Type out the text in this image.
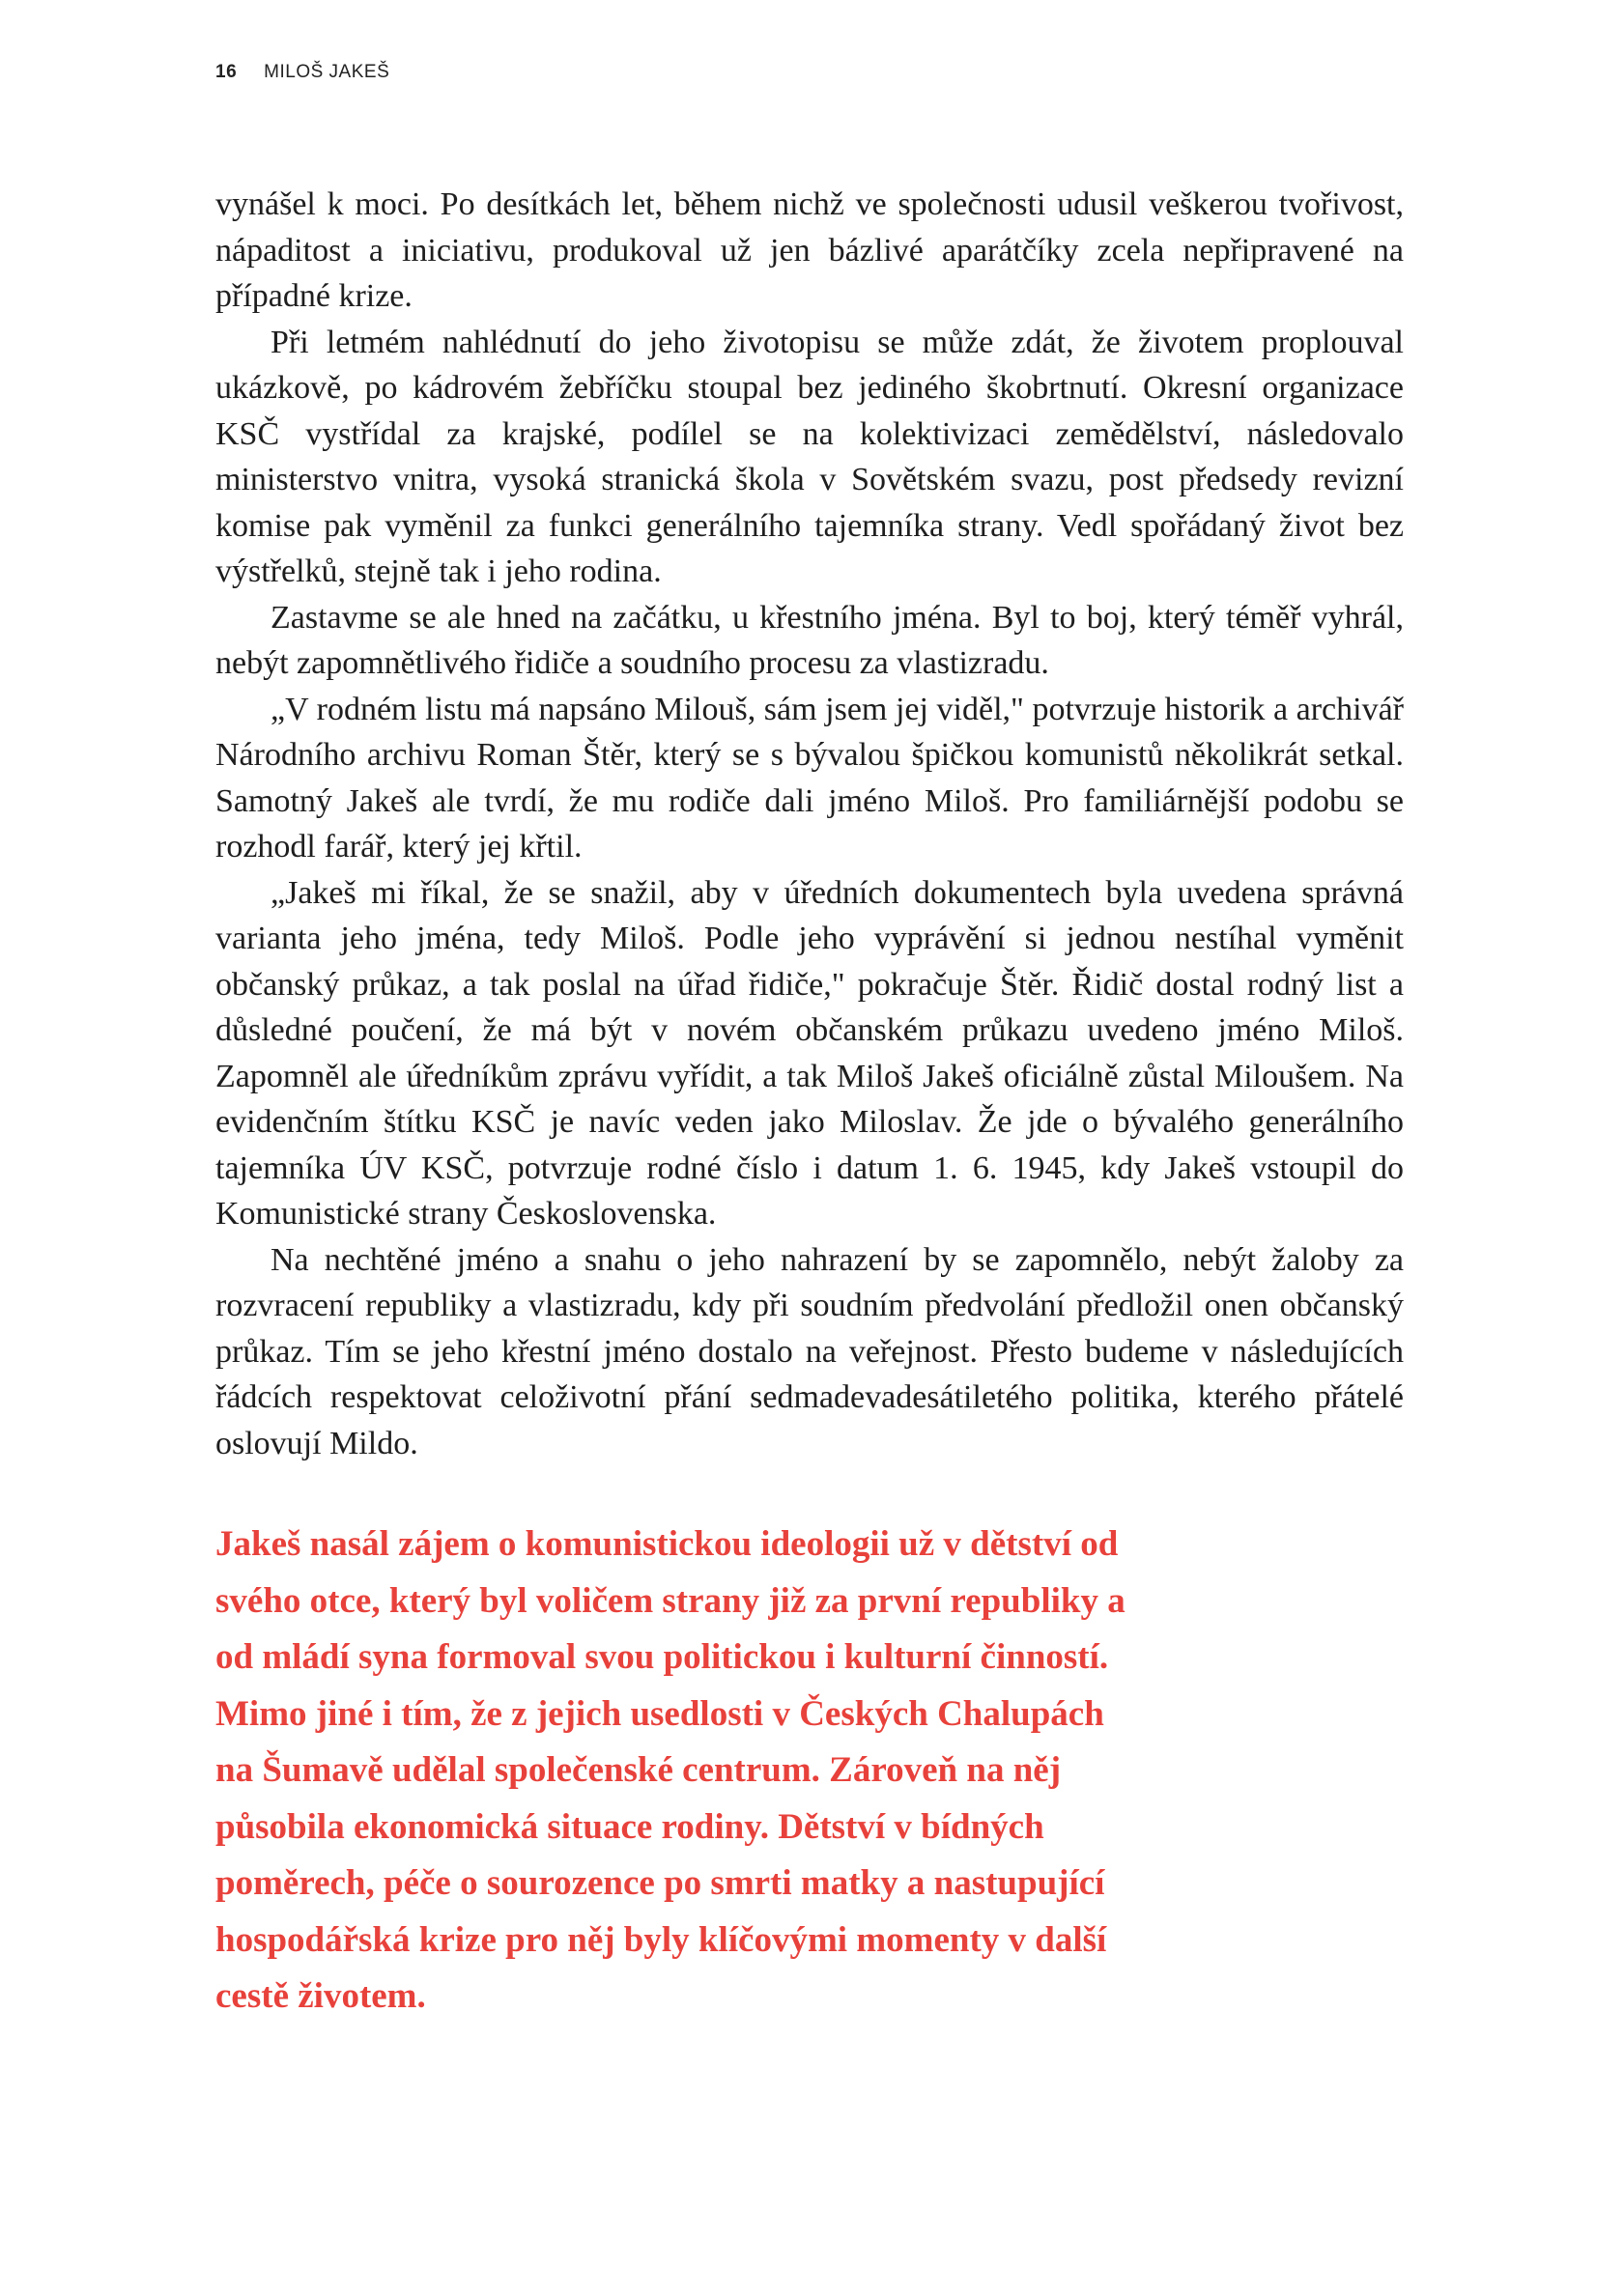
16 MILOŠ JAKEŠ

vynášel k moci. Po desítkách let, během nichž ve společnosti udusil veškerou tvořivost, nápaditost a iniciativu, produkoval už jen bázlivé aparátčíky zcela nepřipravené na případné krize.

Při letmém nahlédnutí do jeho životopisu se může zdát, že životem proplouval ukázkově, po kádrovém žebříčku stoupal bez jediného škobrtnutí. Okresní organizace KSČ vystřídal za krajské, podílel se na kolektivizaci zemědělství, následovalo ministerstvo vnitra, vysoká stranická škola v Sovětském svazu, post předsedy revizní komise pak vyměnil za funkci generálního tajemníka strany. Vedl spořádaný život bez výstřelků, stejně tak i jeho rodina.

Zastavme se ale hned na začátku, u křestního jména. Byl to boj, který téměř vyhrál, nebýt zapomnětlivého řidiče a soudního procesu za vlastizradu.

„V rodném listu má napsáno Milouš, sám jsem jej viděl," potvrzuje historik a archivář Národního archivu Roman Štěr, který se s bývalou špičkou komunistů několikrát setkal. Samotný Jakeš ale tvrdí, že mu rodiče dali jméno Miloš. Pro familiárnější podobu se rozhodl farář, který jej křtil.

„Jakeš mi říkal, že se snažil, aby v úředních dokumentech byla uvedena správná varianta jeho jména, tedy Miloš. Podle jeho vyprávění si jednou nestíhal vyměnit občanský průkaz, a tak poslal na úřad řidiče," pokračuje Štěr. Řidič dostal rodný list a důsledné poučení, že má být v novém občanském průkazu uvedeno jméno Miloš. Zapomněl ale úředníkům zprávu vyřídit, a tak Miloš Jakeš oficiálně zůstal Miloušem. Na evidenčním štítku KSČ je navíc veden jako Miloslav. Že jde o bývalého generálního tajemníka ÚV KSČ, potvrzuje rodné číslo i datum 1. 6. 1945, kdy Jakeš vstoupil do Komunistické strany Československa.

Na nechtěné jméno a snahu o jeho nahrazení by se zapomnělo, nebýt žaloby za rozvracení republiky a vlastizradu, kdy při soudním předvolání předložil onen občanský průkaz. Tím se jeho křestní jméno dostalo na veřejnost. Přesto budeme v následujících řádcích respektovat celoživotní přání sedmadevadesátiletého politika, kterého přátelé oslovují Mildo.

Jakeš nasál zájem o komunistickou ideologii už v dětství od svého otce, který byl voličem strany již za první republiky a od mládí syna formoval svou politickou i kulturní činností. Mimo jiné i tím, že z jejich usedlosti v Českých Chalupách na Šumavě udělal společenské centrum. Zároveň na něj působila ekonomická situace rodiny. Dětství v bídných poměrech, péče o sourozence po smrti matky a nastupující hospodářská krize pro něj byly klíčovými momenty v další cestě životem.
